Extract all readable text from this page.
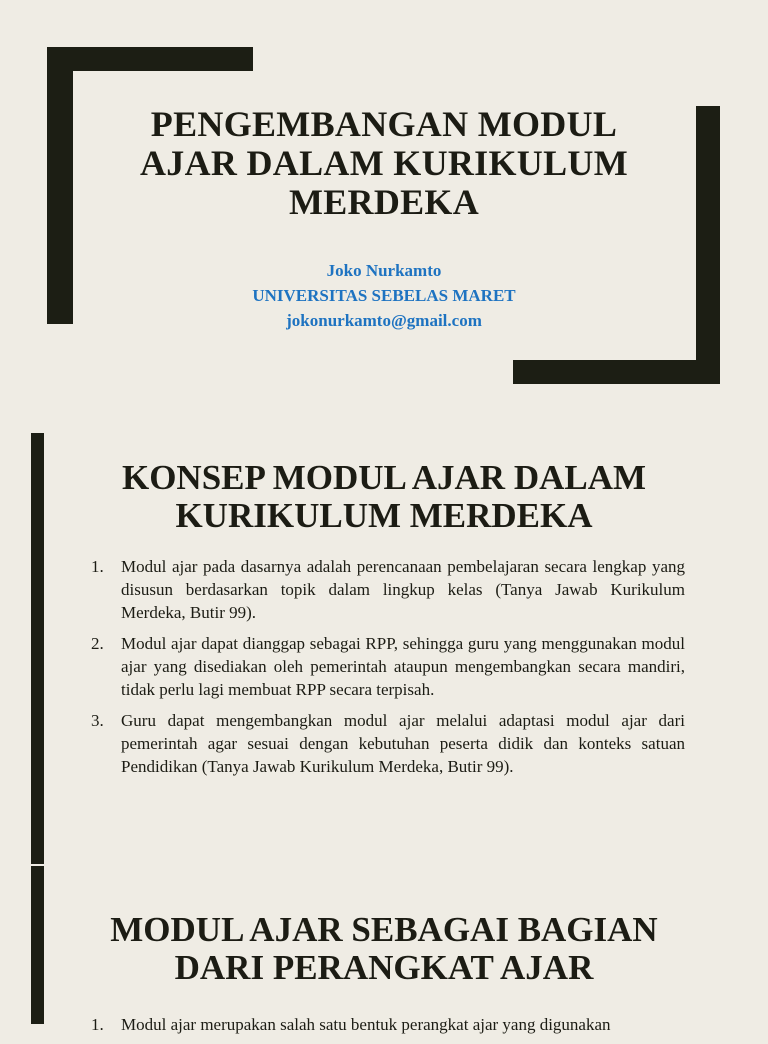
PENGEMBANGAN MODUL
AJAR DALAM KURIKULUM
MERDEKA
Joko Nurkamto
UNIVERSITAS SEBELAS MARET
jokonurkamto@gmail.com
KONSEP MODUL AJAR DALAM
KURIKULUM MERDEKA
1. Modul ajar pada dasarnya adalah perencanaan pembelajaran secara lengkap yang disusun berdasarkan topik dalam lingkup kelas (Tanya Jawab Kurikulum Merdeka, Butir 99).
2. Modul ajar dapat dianggap sebagai RPP, sehingga guru yang menggunakan modul ajar yang disediakan oleh pemerintah ataupun mengembangkan secara mandiri, tidak perlu lagi membuat RPP secara terpisah.
3. Guru dapat mengembangkan modul ajar melalui adaptasi modul ajar dari pemerintah agar sesuai dengan kebutuhan peserta didik dan konteks satuan Pendidikan (Tanya Jawab Kurikulum Merdeka, Butir 99).
MODUL AJAR SEBAGAI BAGIAN
DARI PERANGKAT AJAR
1. Modul ajar merupakan salah satu bentuk perangkat ajar yang digunakan
